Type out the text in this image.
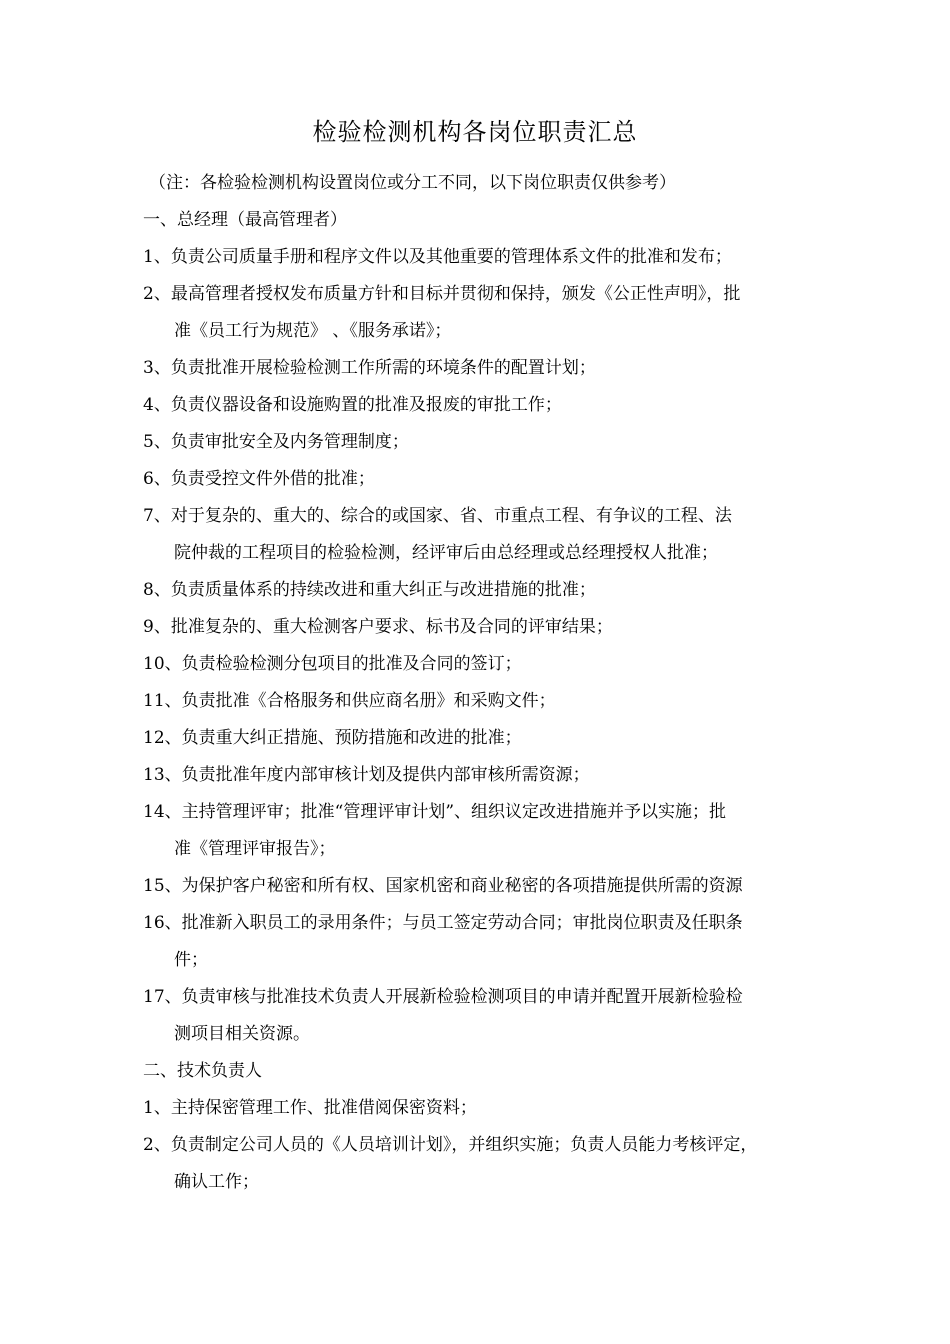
检验检测机构各岗位职责汇总
（注：各检验检测机构设置岗位或分工不同，以下岗位职责仅供参考）
一、总经理（最高管理者）
1、负责公司质量手册和程序文件以及其他重要的管理体系文件的批准和发布；
2、最高管理者授权发布质量方针和目标并贯彻和保持，颁发《公正性声明》，批
准《员工行为规范》 、《服务承诺》；
3、负责批准开展检验检测工作所需的环境条件的配置计划；
4、负责仪器设备和设施购置的批准及报废的审批工作；
5、负责审批安全及内务管理制度；
6、负责受控文件外借的批准；
7、对于复杂的、重大的、综合的或国家、省、市重点工程、有争议的工程、法
院仲裁的工程项目的检验检测，经评审后由总经理或总经理授权人批准；
8、负责质量体系的持续改进和重大纠正与改进措施的批准；
9、批准复杂的、重大检测客户要求、标书及合同的评审结果；
10、负责检验检测分包项目的批准及合同的签订；
11、负责批准《合格服务和供应商名册》和采购文件；
12、负责重大纠正措施、预防措施和改进的批准；
13、负责批准年度内部审核计划及提供内部审核所需资源；
14、主持管理评审；批准“管理评审计划”、组织议定改进措施并予以实施；批
准《管理评审报告》；
15、为保护客户秘密和所有权、国家机密和商业秘密的各项措施提供所需的资源
16、批准新入职员工的录用条件；与员工签定劳动合同；审批岗位职责及任职条
件；
17、负责审核与批准技术负责人开展新检验检测项目的申请并配置开展新检验检
测项目相关资源。
二、技术负责人
1、主持保密管理工作、批准借阅保密资料；
2、负责制定公司人员的《人员培训计划》，并组织实施；负责人员能力考核评定，
确认工作；
